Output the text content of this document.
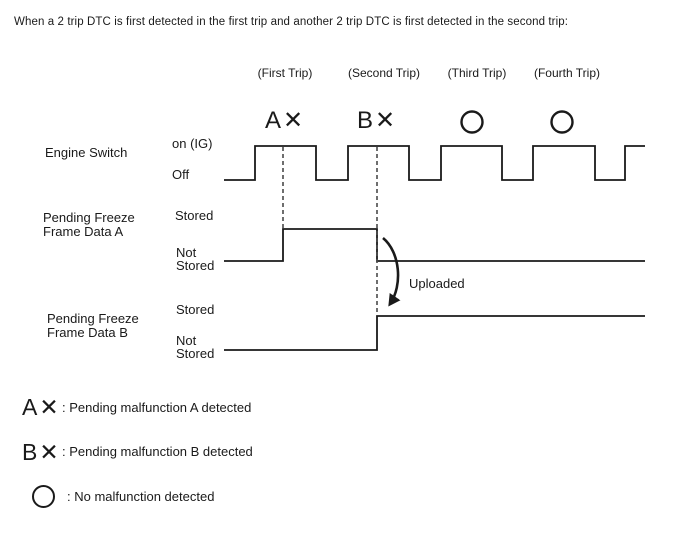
When a 2 trip DTC is first detected in the first trip and another 2 trip DTC is first detected in the second trip:
(First Trip)	(Second Trip)	(Third Trip)	(Fourth Trip)
A✕	B✕
Engine Switch
on (IG)
Off
Pending Freeze
Frame Data A
Stored
Not
Stored
Pending Freeze
Frame Data B
Stored
Not
Stored
Uploaded
A✕ : Pending malfunction A detected
B✕ : Pending malfunction B detected
: No malfunction detected
